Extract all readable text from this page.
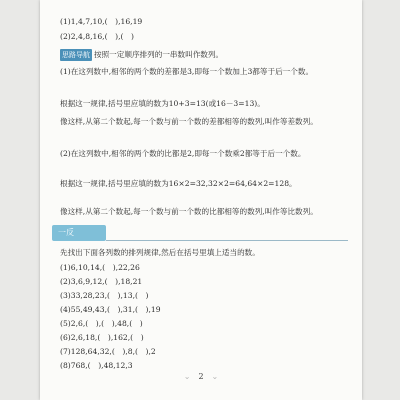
(1)1,4,7,10,(　),16,19
(2)2,4,8,16,(　),(　)
思路导航 按照一定顺序排列的一串数叫作数列。
(1)在这列数中,相邻的两个数的差都是3,即每一个数加上3都等于后一个数。
根据这一规律,括号里应填的数为10+3=13(或16－3=13)。
像这样,从第二个数起,每一个数与前一个数的差都相等的数列,叫作等差数列。
(2)在这列数中,相邻的两个数的比都是2,即每一个数乘2都等于后一个数。
根据这一规律,括号里应填的数为16×2=32,32×2=64,64×2=128。
像这样,从第二个数起,每一个数与前一个数的比都相等的数列,叫作等比数列。
一反
先找出下面各列数的排列规律,然后在括号里填上适当的数。
(1)6,10,14,(　),22,26
(2)3,6,9,12,(　),18,21
(3)33,28,23,(　),13,(　)
(4)55,49,43,(　),31,(　),19
(5)2,6,(　),(　),48,(　)
(6)2,6,18,(　),162,(　)
(7)128,64,32,(　),8,(　),2
(8)768,(　),48,12,3
⌄ 2 ⌄
